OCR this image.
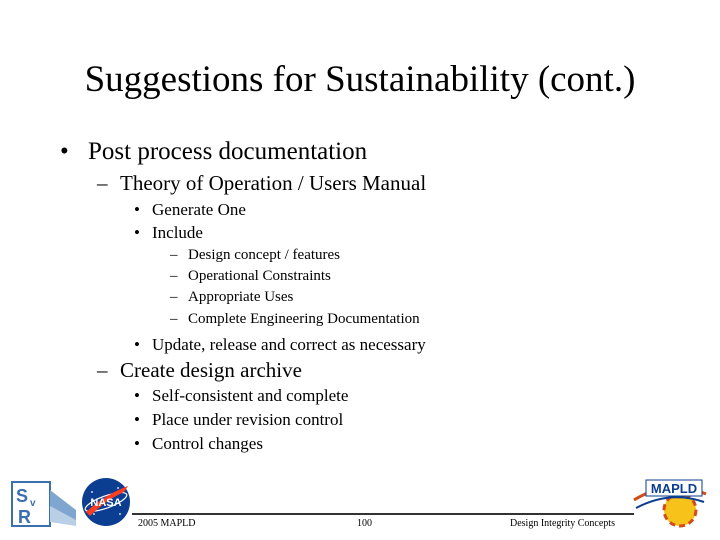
Suggestions for Sustainability (cont.)
• Post process documentation
– Theory of Operation / Users Manual
• Generate One
• Include
– Design concept / features
– Operational Constraints
– Appropriate Uses
– Complete Engineering Documentation
• Update, release and correct as necessary
– Create design archive
• Self-consistent and complete
• Place under revision control
• Control changes
S v
R
NASA
MAPLD
2005 MAPLD	100	Design Integrity Concepts
